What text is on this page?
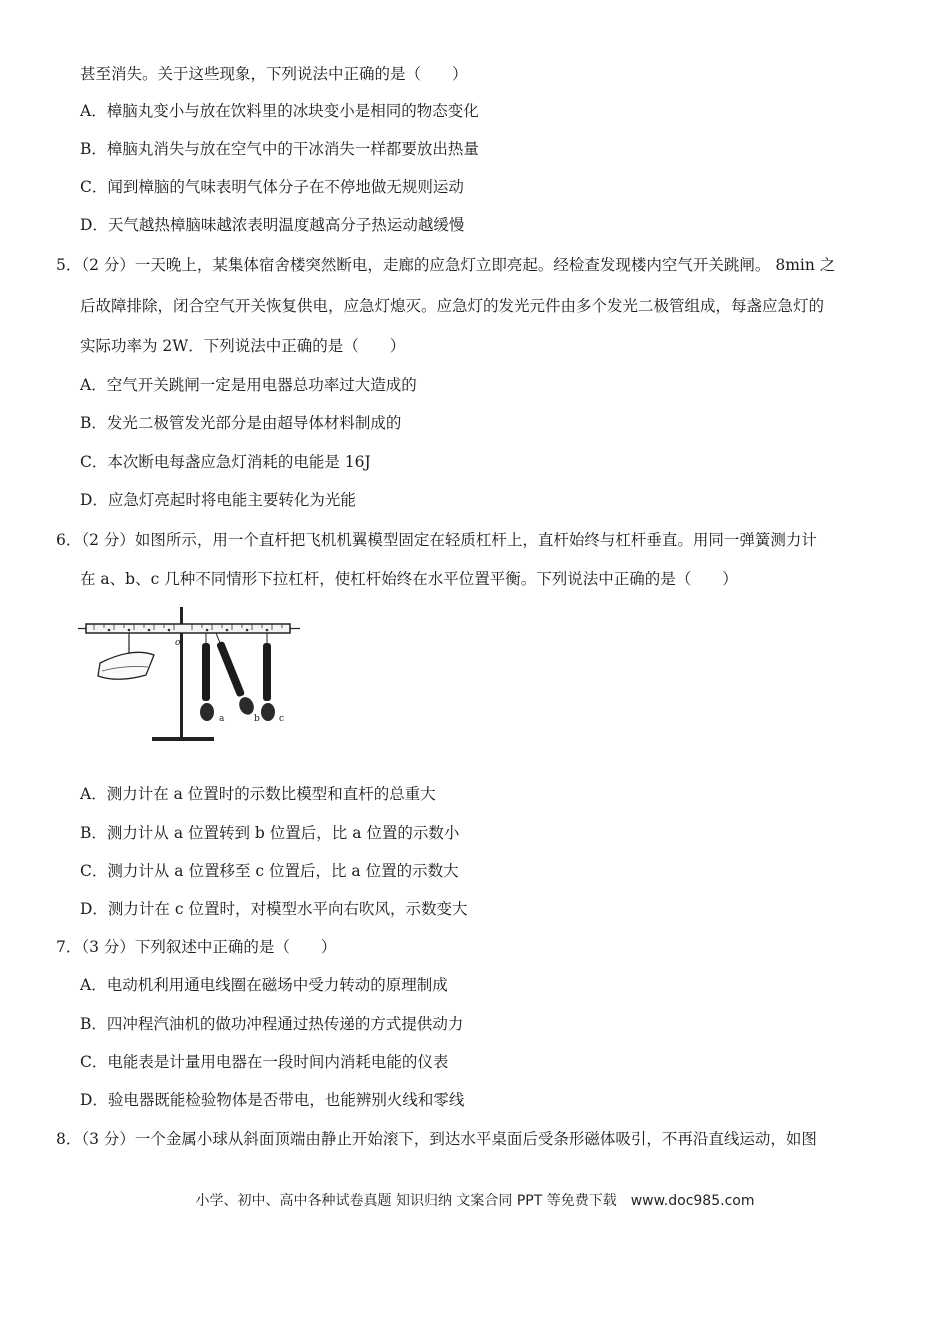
甚至消失。关于这些现象，下列说法中正确的是（　　）
A．樟脑丸变小与放在饮料里的冰块变小是相同的物态变化
B．樟脑丸消失与放在空气中的干冰消失一样都要放出热量
C．闻到樟脑的气味表明气体分子在不停地做无规则运动
D．天气越热樟脑味越浓表明温度越高分子热运动越缓慢
5．（2 分）一天晚上，某集体宿舍楼突然断电，走廊的应急灯立即亮起。经检查发现楼内空气开关跳闸。 8min 之
后故障排除，闭合空气开关恢复供电，应急灯熄灭。应急灯的发光元件由多个发光二极管组成，每盏应急灯的
实际功率为 2W．下列说法中正确的是（　　）
A．空气开关跳闸一定是用电器总功率过大造成的
B．发光二极管发光部分是由超导体材料制成的
C．本次断电每盏应急灯消耗的电能是 16J
D．应急灯亮起时将电能主要转化为光能
6．（2 分）如图所示，用一个直杆把飞机机翼模型固定在轻质杠杆上，直杆始终与杠杆垂直。用同一弹簧测力计
在 a、b、c 几种不同情形下拉杠杆，使杠杆始终在水平位置平衡。下列说法中正确的是（　　）
o
a	b c
A．测力计在 a 位置时的示数比模型和直杆的总重大
B．测力计从 a 位置转到 b 位置后，比 a 位置的示数小
C．测力计从 a 位置移至 c 位置后，比 a 位置的示数大
D．测力计在 c 位置时，对模型水平向右吹风，示数变大
7．（3 分）下列叙述中正确的是（　　）
A．电动机利用通电线圈在磁场中受力转动的原理制成
B．四冲程汽油机的做功冲程通过热传递的方式提供动力
C．电能表是计量用电器在一段时间内消耗电能的仪表
D．验电器既能检验物体是否带电，也能辨别火线和零线
8．（3 分）一个金属小球从斜面顶端由静止开始滚下，到达水平桌面后受条形磁体吸引，不再沿直线运动，如图
小学、初中、高中各种试卷真题 知识归纳 文案合同 PPT 等免费下载　www.doc985.com
